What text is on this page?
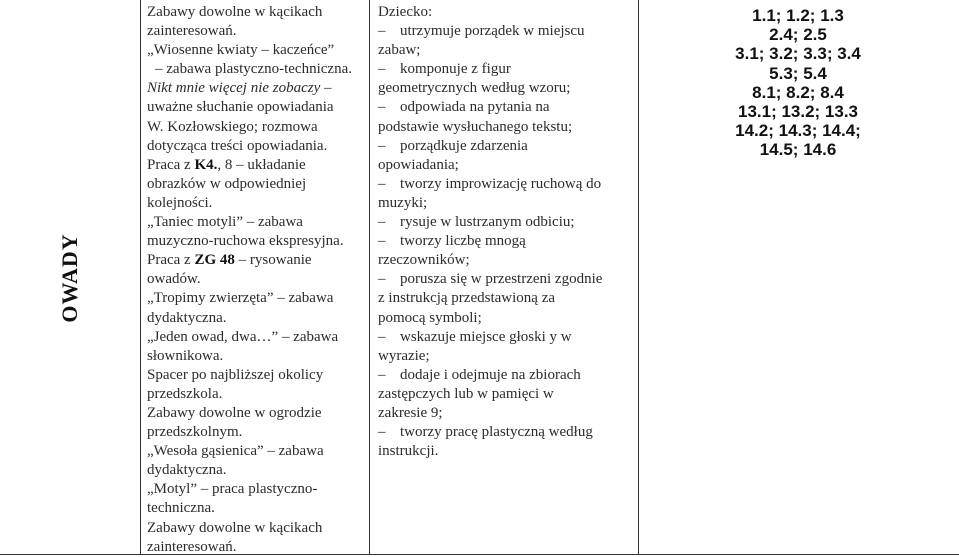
OWADY
Zabawy dowolne w kącikach
zainteresowań.
„Wiosenne kwiaty – kaczeńce”
– zabawa plastyczno-techniczna.
Nikt mnie więcej nie zobaczy –
uważne słuchanie opowiadania
W. Kozłowskiego; rozmowa
dotycząca treści opowiadania.
Praca z K4., 8 – układanie
obrazków w odpowiedniej
kolejności.
„Taniec motyli” – zabawa
muzyczno-ruchowa ekspresyjna.
Praca z ZG 48 – rysowanie
owadów.
„Tropimy zwierzęta” – zabawa
dydaktyczna.
„Jeden owad, dwa…” – zabawa
słownikowa.
Spacer po najbliższej okolicy
przedszkola.
Zabawy dowolne w ogrodzie
przedszkolnym.
„Wesoła gąsienica” – zabawa
dydaktyczna.
„Motyl” – praca plastyczno-
techniczna.
Zabawy dowolne w kącikach
zainteresowań.
Dziecko:
– utrzymuje porządek w miejscu
zabaw;
– komponuje z figur
geometrycznych według wzoru;
– odpowiada na pytania na
podstawie wysłuchanego tekstu;
– porządkuje zdarzenia
opowiadania;
– tworzy improwizację ruchową do
muzyki;
– rysuje w lustrzanym odbiciu;
– tworzy liczbę mnogą
rzeczowników;
– porusza się w przestrzeni zgodnie
z instrukcją przedstawioną za
pomocą symboli;
– wskazuje miejsce głoski y w
wyrazie;
– dodaje i odejmuje na zbiorach
zastępczych lub w pamięci w
zakresie 9;
– tworzy pracę plastyczną według
instrukcji.
1.1; 1.2; 1.3
2.4; 2.5
3.1; 3.2; 3.3; 3.4
5.3; 5.4
8.1; 8.2; 8.4
13.1; 13.2; 13.3
14.2; 14.3; 14.4;
14.5; 14.6
